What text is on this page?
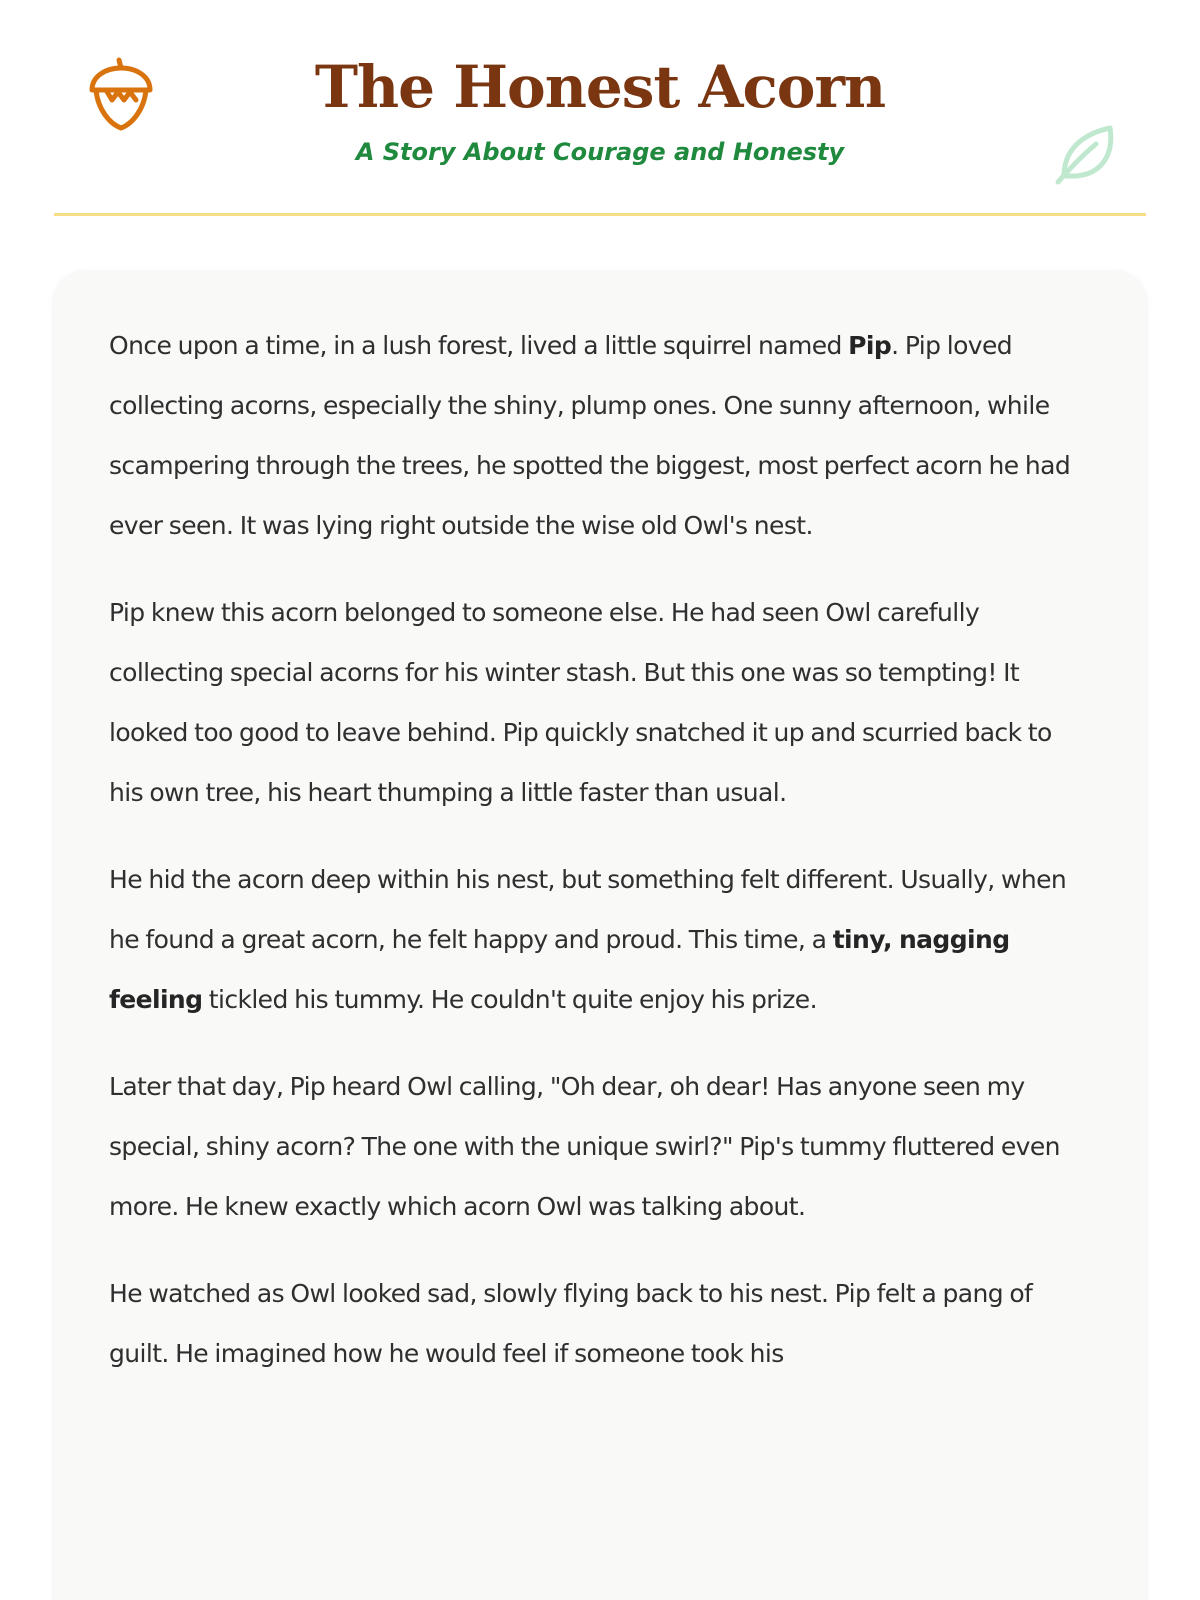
The Honest Acorn

A Story About Courage and Honesty

Once upon a time, in a lush forest, lived a little squirrel named Pip. Pip loved collecting acorns, especially the shiny, plump ones. One sunny afternoon, while scampering through the trees, he spotted the biggest, most perfect acorn he had ever seen. It was lying right outside the wise old Owl's nest.

Pip knew this acorn belonged to someone else. He had seen Owl carefully collecting special acorns for his winter stash. But this one was so tempting! It looked too good to leave behind. Pip quickly snatched it up and scurried back to his own tree, his heart thumping a little faster than usual.

He hid the acorn deep within his nest, but something felt different. Usually, when he found a great acorn, he felt happy and proud. This time, a tiny, nagging feeling tickled his tummy. He couldn't quite enjoy his prize.

Later that day, Pip heard Owl calling, "Oh dear, oh dear! Has anyone seen my special, shiny acorn? The one with the unique swirl?" Pip's tummy fluttered even more. He knew exactly which acorn Owl was talking about.

He watched as Owl looked sad, slowly flying back to his nest. Pip felt a pang of guilt. He imagined how he would feel if someone took his
